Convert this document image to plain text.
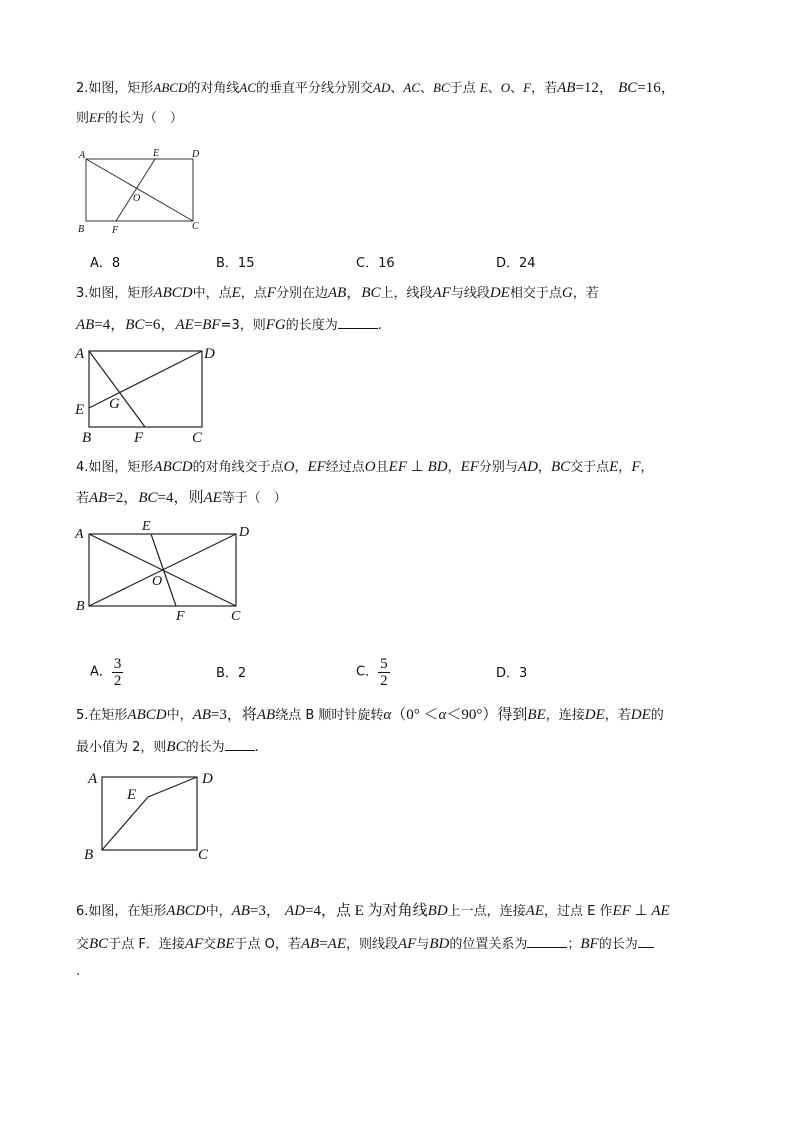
2.如图，矩形ABCD的对角线AC的垂直平分线分别交AD、AC、BC于点 E、O、F，若AB=12， BC=16，
则EF的长为（　）
A	E	D
O
B	F	C
A．8	B．15	C．16	D．24
3.如图，矩形ABCD中，点E，点F分别在边AB，BC上，线段AF与线段DE相交于点G，若
AB=4，BC=6，AE=BF=3，则FG的长度为	.
A	D
E G
B	F	C
4.如图，矩形ABCD的对角线交于点O，EF经过点O且EF ⊥ BD，EF分别与AD，BC交于点E，F，
若AB=2，BC=4，则AE等于（　）
A
E	D
O
B
F	C
A． $\frac{3}{2}$	B．2	C． $\frac{5}{2}$	D．3
5.在矩形ABCD中，AB=3，将AB绕点 B 顺时针旋转α（0° ＜α＜90°）得到BE，连接DE，若DE的
最小值为 2，则BC的长为 .
A	D
E
B	C
6.如图，在矩形ABCD中，AB=3， AD=4，点 E 为对角线BD上一点，连接AE，过点 E 作EF ⊥ AE
交BC于点 F．连接AF交BE于点 O，若AB=AE，则线段AF与BD的位置关系为	；BF的长为
.
